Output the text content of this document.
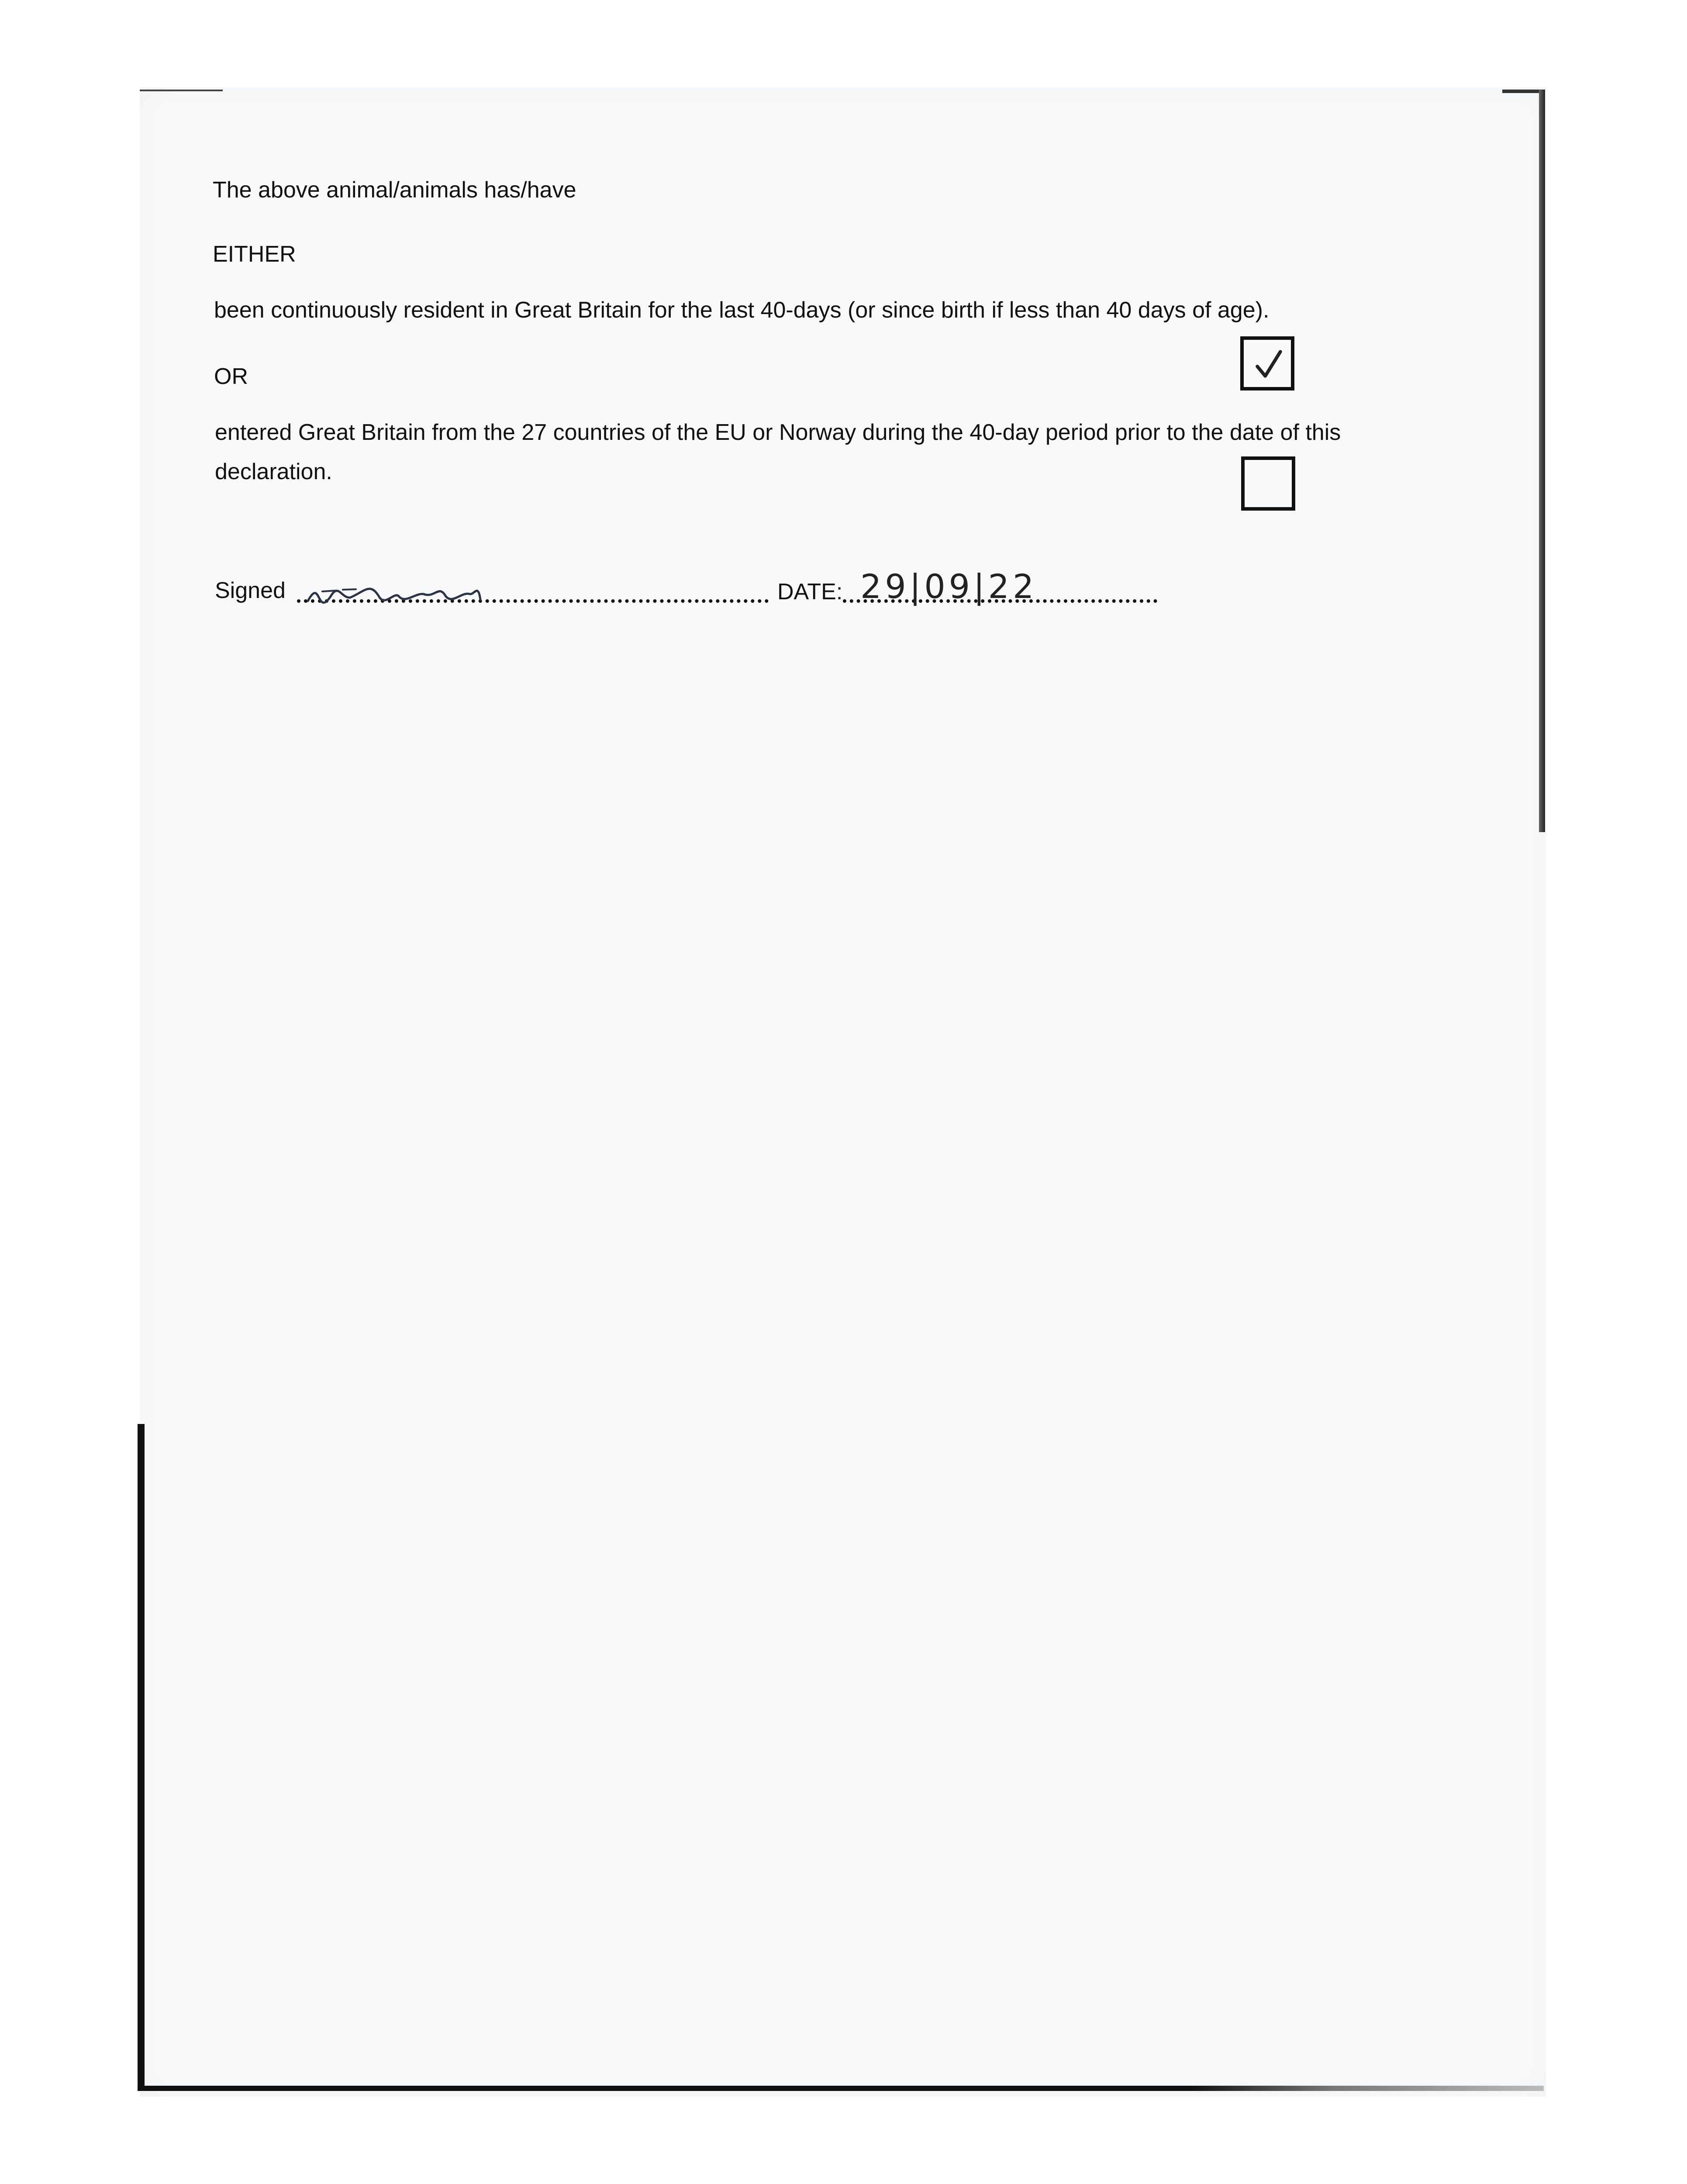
The above animal/animals has/have
EITHER
been continuously resident in Great Britain for the last 40-days (or since birth if less than 40 days of age).
OR
entered Great Britain from the 27 countries of the EU or Norway during the 40-day period prior to the date of this
declaration.
Signed	DATE: 29|09|22
